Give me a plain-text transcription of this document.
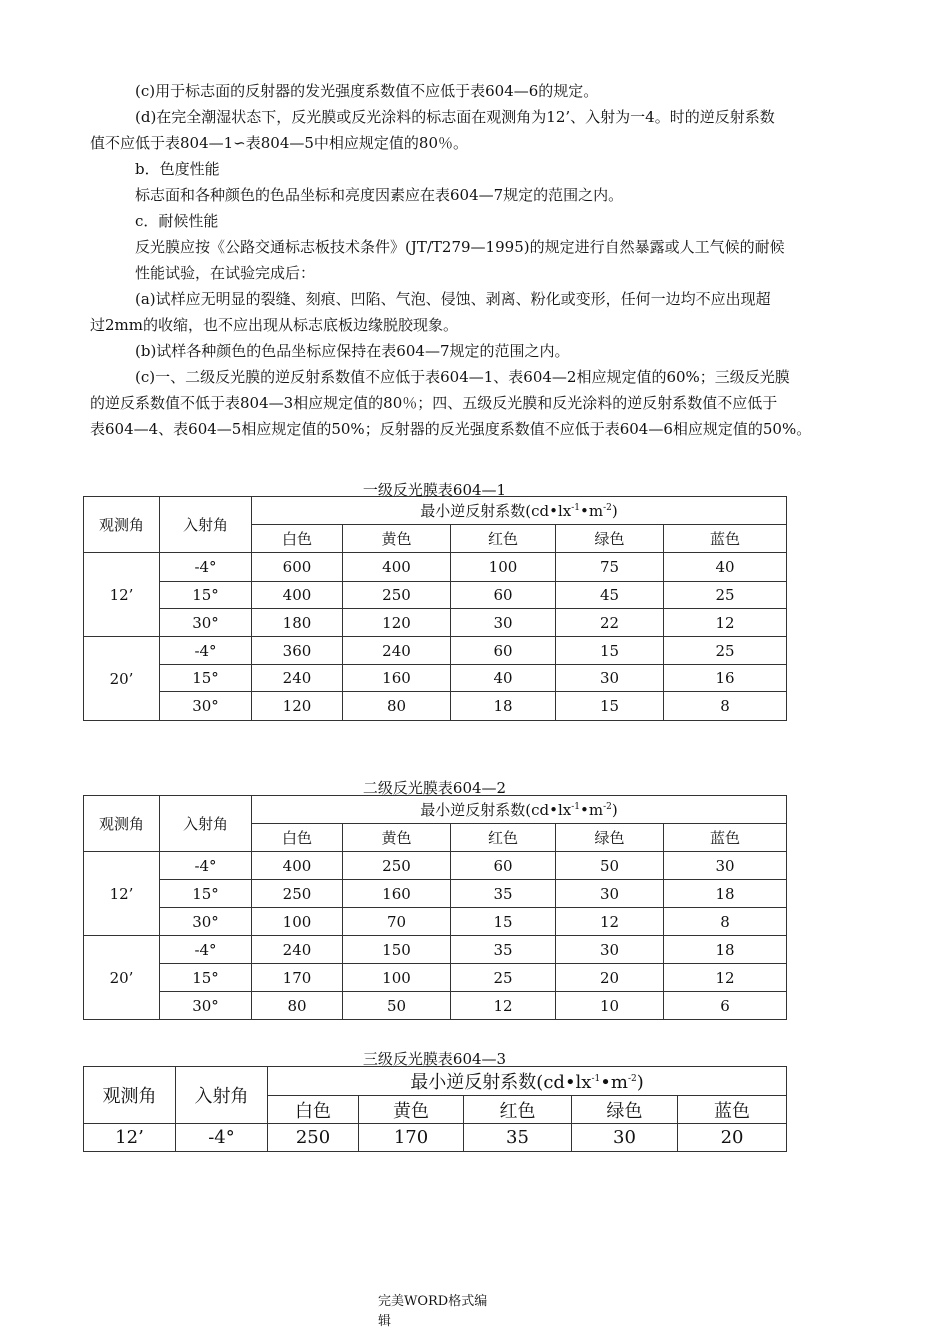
(c)用于标志面的反射器的发光强度系数值不应低于表604—6的规定。

(d)在完全潮湿状态下，反光膜或反光涂料的标志面在观测角为12’、入射为一4。时的逆反射系数

值不应低于表804—1∽表804—5中相应规定值的80％。

b．色度性能

标志面和各种颜色的色品坐标和亮度因素应在表604—7规定的范围之内。

c．耐候性能

反光膜应按《公路交通标志板技术条件》(JT/T279—1995)的规定进行自然暴露或人工气候的耐候

性能试验，在试验完成后：

(a)试样应无明显的裂缝、刻痕、凹陷、气泡、侵蚀、剥离、粉化或变形，任何一边均不应出现超

过2mm的收缩，也不应出现从标志底板边缘脱胶现象。

(b)试样各种颜色的色品坐标应保持在表604—7规定的范围之内。

(c)一、二级反光膜的逆反射系数值不应低于表604—1、表604—2相应规定值的60%；三级反光膜

的逆反系数值不低于表804—3相应规定值的80％；四、五级反光膜和反光涂料的逆反射系数值不应低于

表604—4、表604—5相应规定值的50%；反射器的反光强度系数值不应低于表604—6相应规定值的50%。

一级反光膜表604—1
观测角	入射角	最小逆反射系数$(cd•lx^{-1}•m^{-2})$				
		白色	黄色	红色	绿色	蓝色
12’	-4°	600	400	100	75	40
	15°	400	250	60	45	25
	30°	180	120	30	22	12
20’	-4°	360	240	60	15	25
	15°	240	160	40	30	16
	30°	120	80	18	15	8
二级反光膜表604—2
观测角	入射角	最小逆反射系数$(cd•lx^{-1}•m^{-2})$				
		白色	黄色	红色	绿色	蓝色
12’	-4°	400	250	60	50	30
	15°	250	160	35	30	18
	30°	100	70	15	12	8
20’	-4°	240	150	35	30	18
	15°	170	100	25	20	12
	30°	80	50	12	10	6
三级反光膜表604—3
观测角	入射角	最小逆反射系数$(cd•lx^{-1}•m^{-2})$				
		白色	黄色	红色	绿色	蓝色
12’	-4°	250	170	35	30	20
完美WORD格式编
辑
